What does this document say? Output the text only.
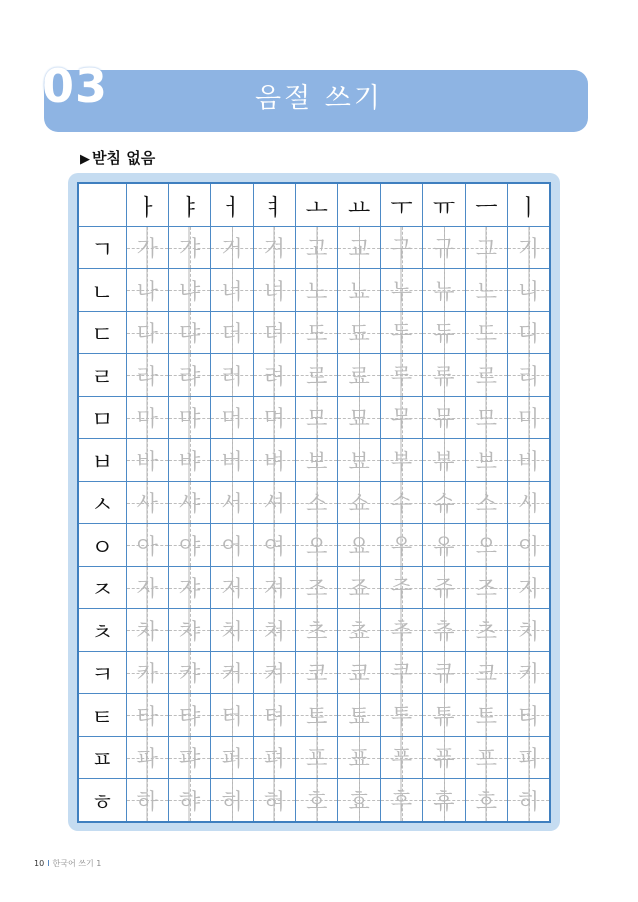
03	음절 쓰기
▶ 받침 없음
	ㅏ	ㅑ	ㅓ	ㅕ	ㅗ	ㅛ	ㅜ	ㅠ	ㅡ	ㅣ
ㄱ	가	갸	거	겨	고	교	구	규	그	기
ㄴ	나	냐	너	녀	노	뇨	누	뉴	느	니
ㄷ	다	댜	더	뎌	도	됴	두	듀	드	디
ㄹ	라	랴	러	려	로	료	루	류	르	리
ㅁ	마	먀	머	며	모	묘	무	뮤	므	미
ㅂ	바	뱌	버	벼	보	뵤	부	뷰	브	비
ㅅ	사	샤	서	셔	소	쇼	수	슈	스	시
ㅇ	아	야	어	여	오	요	우	유	으	이
ㅈ	자	쟈	저	져	조	죠	주	쥬	즈	지
ㅊ	차	챠	처	쳐	초	쵸	추	츄	츠	치
ㅋ	카	캬	커	켜	코	쿄	쿠	큐	크	키
ㅌ	타	탸	터	텨	토	툐	투	튜	트	티
ㅍ	파	퍄	퍼	펴	포	표	푸	퓨	프	피
ㅎ	하	햐	허	혀	호	효	후	휴	흐	히
10 I 한국어 쓰기 1
